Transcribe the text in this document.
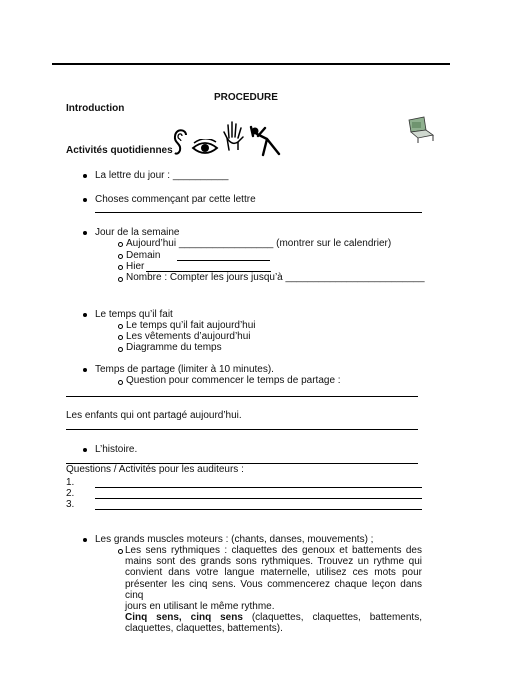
PROCEDURE
Introduction
Activités quotidiennes
La lettre du jour : __________
Choses commençant par cette lettre
Jour de la semaine
Aujourd’hui _________________ (montrer sur le calendrier)
Demain
Hier
Nombre : Compter les jours jusqu’à _________________________
Le temps qu’il fait
Le temps qu’il fait aujourd’hui
Les vêtements d’aujourd’hui
Diagramme du temps
Temps de partage (limiter à 10 minutes).
Question pour commencer le temps de partage :
Les enfants qui ont partagé aujourd’hui.
L’histoire.
Questions / Activités pour les auditeurs :
1.
2.
3.
Les grands muscles moteurs : (chants, danses, mouvements) ;
Les sens rythmiques : claquettes des genoux et battements des
mains sont des grands sons rythmiques. Trouvez un rythme qui
convient dans votre langue maternelle, utilisez ces mots pour
présenter les cinq sens. Vous commencerez chaque leçon dans cinq
jours en utilisant le même rythme.
Cinq sens, cinq sens (claquettes, claquettes, battements,
claquettes, claquettes, battements).
